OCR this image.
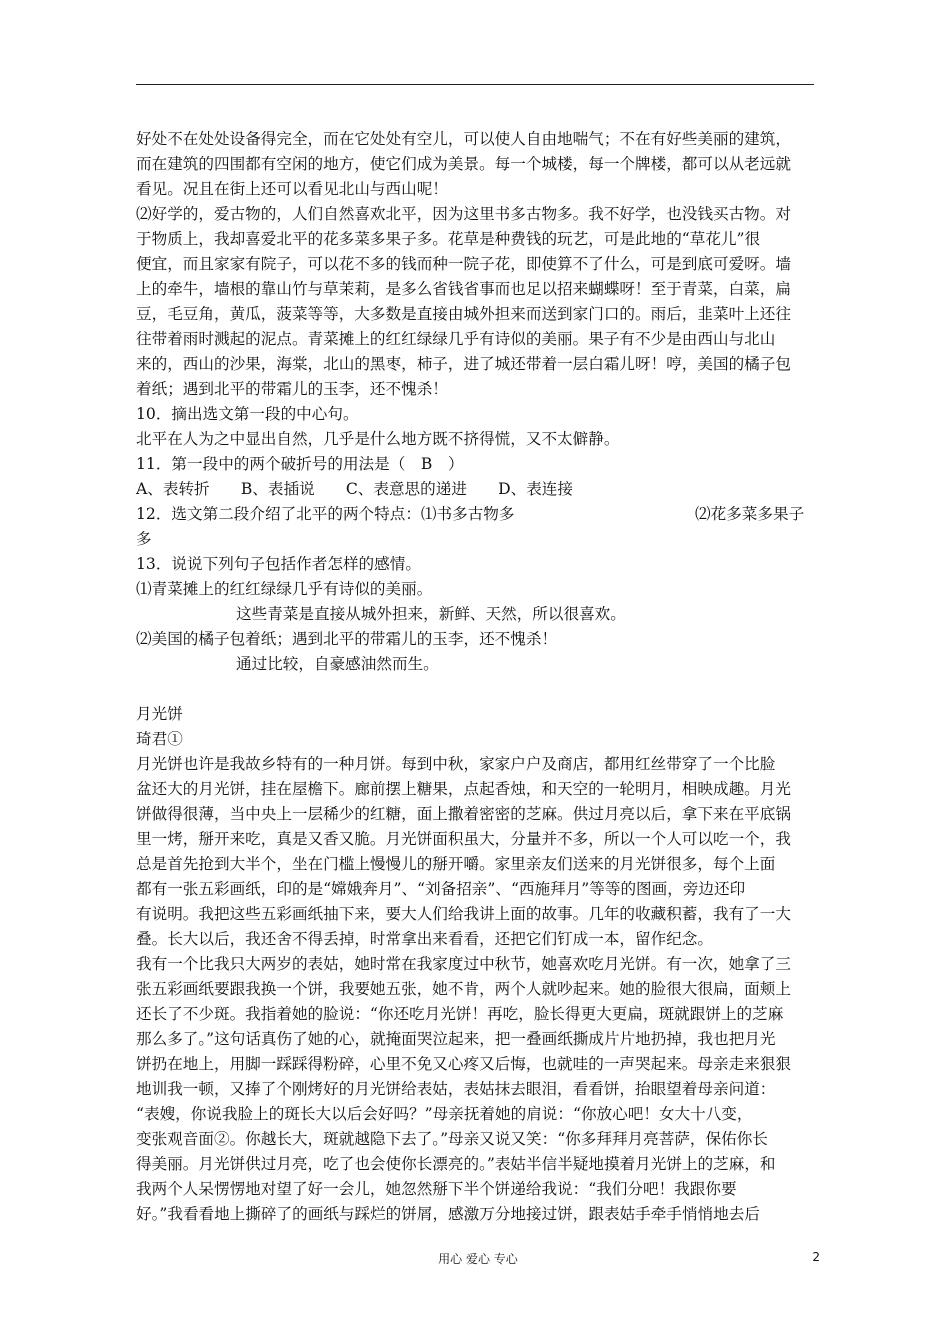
好处不在处处设备得完全，而在它处处有空儿，可以使人自由地喘气；不在有好些美丽的建筑，
而在建筑的四围都有空闲的地方，使它们成为美景。每一个城楼，每一个牌楼，都可以从老远就
看见。况且在街上还可以看见北山与西山呢！
⑵好学的，爱古物的，人们自然喜欢北平，因为这里书多古物多。我不好学，也没钱买古物。对
于物质上，我却喜爱北平的花多菜多果子多。花草是种费钱的玩艺，可是此地的“草花儿”很
便宜，而且家家有院子，可以花不多的钱而种一院子花，即使算不了什么，可是到底可爱呀。墙
上的牵牛，墙根的靠山竹与草茉莉，是多么省钱省事而也足以招来蝴蝶呀！至于青菜，白菜，扁
豆，毛豆角，黄瓜，菠菜等等，大多数是直接由城外担来而送到家门口的。雨后，韭菜叶上还往
往带着雨时溅起的泥点。青菜摊上的红红绿绿几乎有诗似的美丽。果子有不少是由西山与北山
来的，西山的沙果，海棠，北山的黑枣，柿子，进了城还带着一层白霜儿呀！哼，美国的橘子包
着纸；遇到北平的带霜儿的玉李，还不愧杀！
10．摘出选文第一段的中心句。
北平在人为之中显出自然，几乎是什么地方既不挤得慌，又不太僻静。
11．第一段中的两个破折号的用法是（　B　）
A、表转折　　B、表插说　　C、表意思的递进　　D、表连接
12．选文第二段介绍了北平的两个特点：⑴书多古物多	⑵花多菜多果子
多
13．说说下列句子包括作者怎样的感情。
⑴青菜摊上的红红绿绿几乎有诗似的美丽。
这些青菜是直接从城外担来，新鲜、天然，所以很喜欢。
⑵美国的橘子包着纸；遇到北平的带霜儿的玉李，还不愧杀！
通过比较，自豪感油然而生。
月光饼
琦君①
月光饼也许是我故乡特有的一种月饼。每到中秋，家家户户及商店，都用红丝带穿了一个比脸
盆还大的月光饼，挂在屋檐下。廊前摆上糖果，点起香烛，和天空的一轮明月，相映成趣。月光
饼做得很薄，当中央上一层稀少的红糖，面上撒着密密的芝麻。供过月亮以后，拿下来在平底锅
里一烤，掰开来吃，真是又香又脆。月光饼面积虽大，分量并不多，所以一个人可以吃一个，我
总是首先抢到大半个，坐在门槛上慢慢儿的掰开嚼。家里亲友们送来的月光饼很多，每个上面
都有一张五彩画纸，印的是“嫦娥奔月”、“刘备招亲”、“西施拜月”等等的图画，旁边还印
有说明。我把这些五彩画纸抽下来，要大人们给我讲上面的故事。几年的收藏积蓄，我有了一大
叠。长大以后，我还舍不得丢掉，时常拿出来看看，还把它们钉成一本，留作纪念。
我有一个比我只大两岁的表姑，她时常在我家度过中秋节，她喜欢吃月光饼。有一次，她拿了三
张五彩画纸要跟我换一个饼，我要她五张，她不肯，两个人就吵起来。她的脸很大很扁，面颊上
还长了不少斑。我指着她的脸说：“你还吃月光饼！再吃，脸长得更大更扁，斑就跟饼上的芝麻
那么多了。”这句话真伤了她的心，就掩面哭泣起来，把一叠画纸撕成片片地扔掉，我也把月光
饼扔在地上，用脚一踩踩得粉碎，心里不免又心疼又后悔，也就哇的一声哭起来。母亲走来狠狠
地训我一顿，又捧了个刚烤好的月光饼给表姑，表姑抹去眼泪，看看饼，抬眼望着母亲问道：
“表嫂，你说我脸上的斑长大以后会好吗？”母亲抚着她的肩说：“你放心吧！女大十八变，
变张观音面②。你越长大，斑就越隐下去了。”母亲又说又笑：“你多拜拜月亮菩萨，保佑你长
得美丽。月光饼供过月亮，吃了也会使你长漂亮的。”表姑半信半疑地摸着月光饼上的芝麻，和
我两个人呆愣愣地对望了好一会儿，她忽然掰下半个饼递给我说：“我们分吧！我跟你要
好。”我看看地上撕碎了的画纸与踩烂的饼屑，感激万分地接过饼，跟表姑手牵手悄悄地去后
用心 爱心 专心	2
